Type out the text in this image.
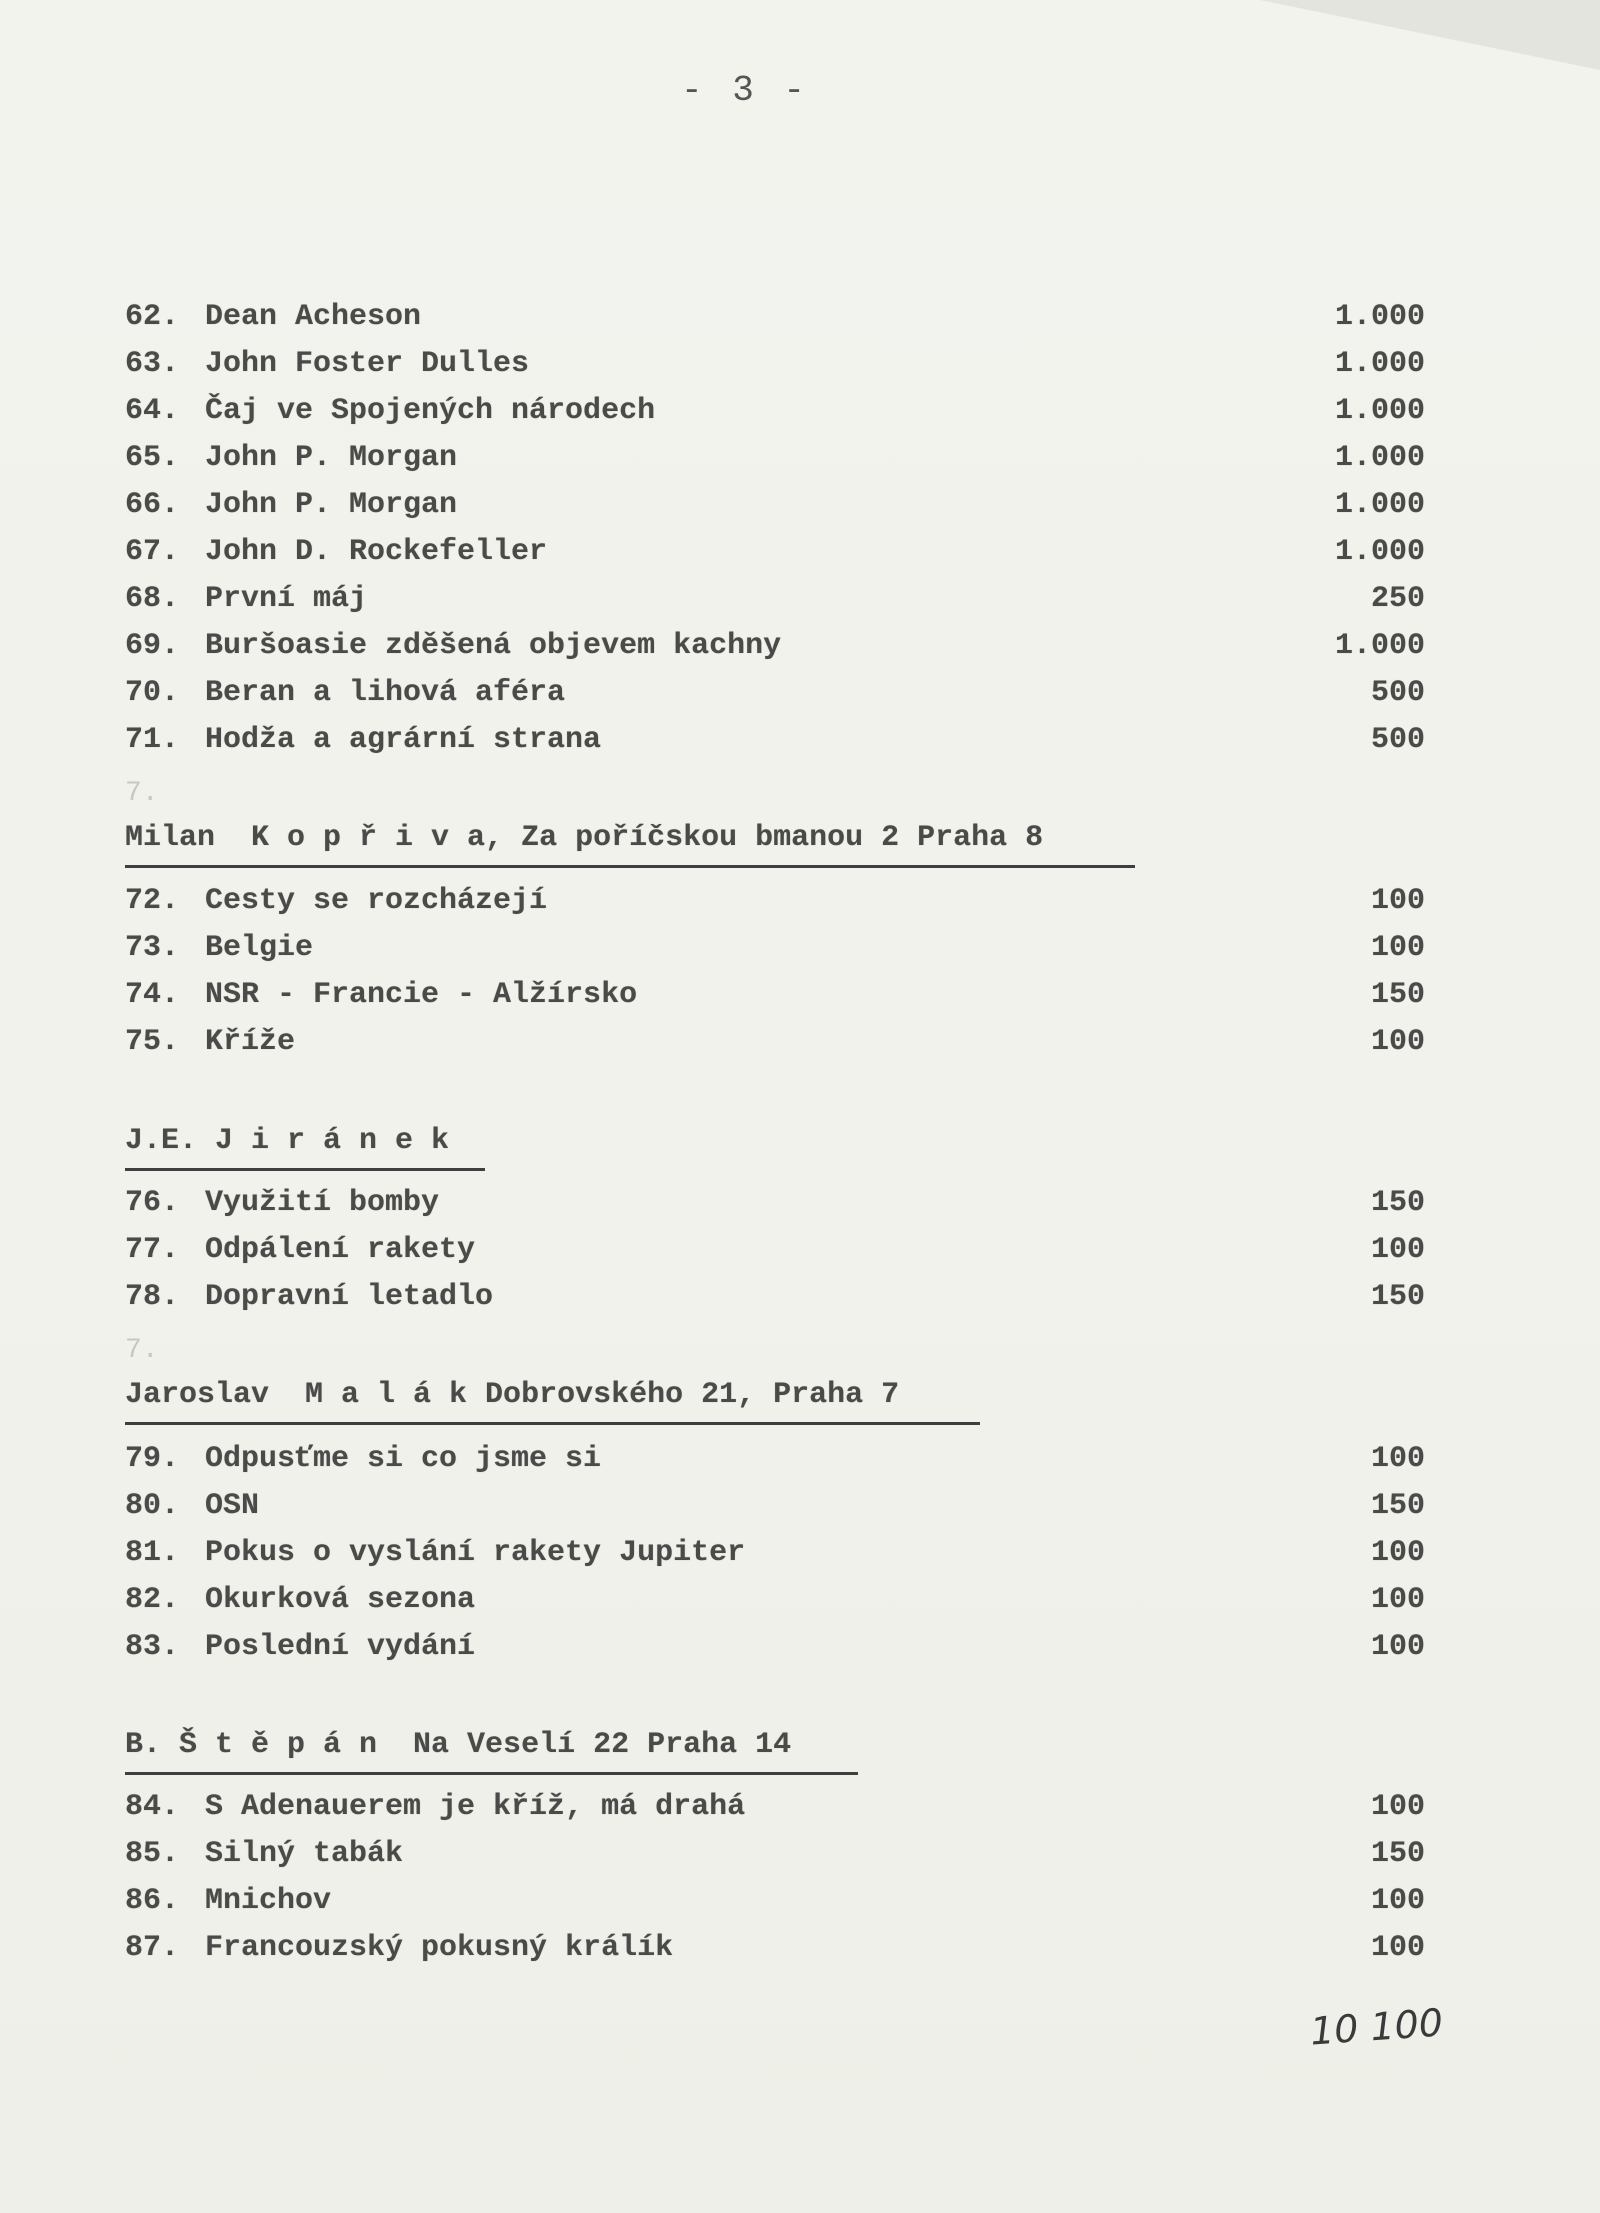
- 3 -
62. Dean Acheson	1.000
63. John Foster Dulles	1.000
64. Čaj ve Spojených národech	1.000
65. John P. Morgan	1.000
66. John P. Morgan	1.000
67. John D. Rockefeller	1.000
68. První máj	250
69. Buršoasie zděšená objevem kachny	1.000
70. Beran a lihová aféra	500
71. Hodža a agrární strana	500
7.
Milan  K o p ř i v a, Za poříčskou bmanou 2 Praha 8
72. Cesty se rozcházejí	100
73. Belgie	100
74. NSR - Francie - Alžírsko	150
75. Kříže	100
J.E. J i r á n e k
76. Využití bomby	150
77. Odpálení rakety	100
78. Dopravní letadlo	150
7.
Jaroslav  M a l á k Dobrovského 21, Praha 7
79. Odpusťme si co jsme si	100
80. OSN	150
81. Pokus o vyslání rakety Jupiter	100
82. Okurková sezona	100
83. Poslední vydání	100
B. Š t ě p á n  Na Veselí 22 Praha 14
84. S Adenauerem je kříž, má drahá	100
85. Silný tabák	150
86. Mnichov	100
87. Francouzský pokusný králík	100
10 100
